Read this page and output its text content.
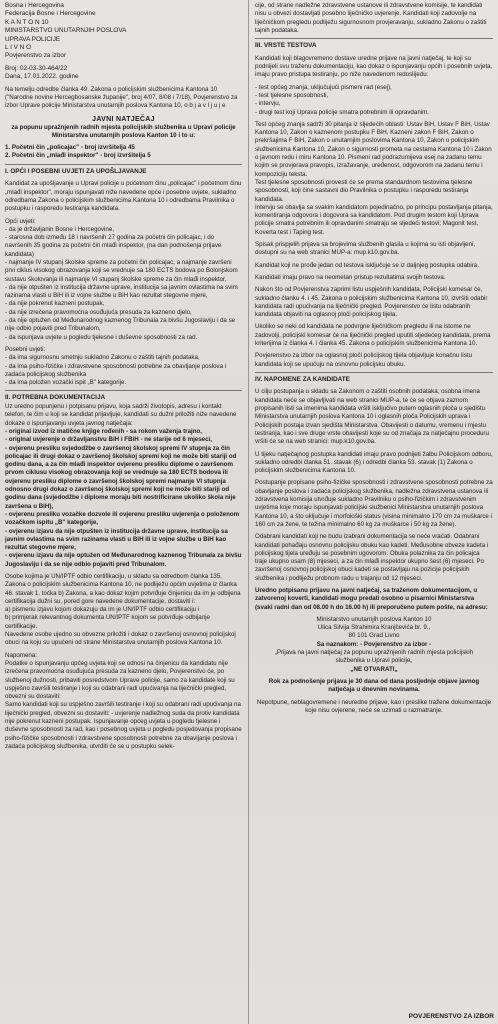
Bosna i Hercegovina
Federacija Bosne i Hercegovine
K A N T O N 10
MINISTARSTVO UNUTARNJIH POSLOVA
UPRAVA POLICIJE
L I V N O
Povjerenstvo za izbor
Broj: 02-03-30-464/22
Dana, 17.01.2022. godine

Na temelju odredbe članka 49. Zakona o policijskim službenicima Kantona 10 ("Narodne novine Hercegbosanske županije", broj 4/07, 8/08 i 7/18), Povjerenstvo za izbor Uprave policije Ministarstva unutarnjih poslova Kantona 10, o b j a v l j u j e

JAVNI NATJEČAJ

za popunu upražnjenih radnih mjesta policijskih službenika u Upravi policije Ministarstva unutarnjih poslova Kanton 10 i to u:

1. Početni čin „policajac" - broj izvršitelja 45

2. Početni čin „mlađi inspektor" - broj izvršitelja 5

I. OPĆI I POSEBNI UVJETI ZA UPOŠLJAVANJE

Kandidat za upošljavanje u Upravi policije u početnom činu „policajac" i početnom činu „mlađi inspektor", moraju ispunjavati niže navedene opće i posebne uvjete, sukladno odredbama Zakona o policijskim službenicima Kantona 10 i odredbama Pravilnika o postupku i rasporedu testiranja kandidata.

Opći uvjeti:

- da je državljanin Bosne i Hercegovine,

- starosna dob između 18 i navršenih 27 godina za početni čin policajac, i do navršenih 35 godina za početni čin mlađi inspektor, (na dan podnošenja prijave kandidata)

- najmanje IV stupanj školske spreme za početni čin policajac, a najmanje završeni prvi ciklus visokog obrazovanja koji se vrednuje sa 180 ECTS bodova po Bolonjskom sustavu školovanja ili najmanje VI stupanj školske spreme za čin mlađi inspektor,

- da nije otpušten iz institucija državne uprave, institucija sa javnim ovlastima na svim razinama vlasti u BiH ili iz vojne službe u BiH kao rezultat stegovne mjere,

- da nije pokrenut kazneni postupak,

- da nije izrečena pravomoćna osuđujuća presuda za kazneno djelo,

- da nije optužen od Međunarodnog kaznenog Tribunala za bivšu Jugoslaviju i da se nije odbio pojaviti pred Tribunalom,

- da ispunjava uvjete u pogledu tjelesne i duševne sposobnosti za rad.

Posebni uvjeti:

- da ima sigurnosnu smetnju sukladno Zakonu o zaštiti tajnih podataka,

- da ima psiho-fizičke i zdravstvene sposobnosti potrebne za obavljanje poslova i zadaća policijskog službenika

- da ima položen vozački ispit „B" kategorije.

II. POTREBNA DOKUMENTACIJA

Uz uredno popunjenu i potpisanu prijavu, koja sadrži životopis, adresu i kontakt telefon, te čim u koji se kandidat prijavljuje, kandidati su dužni priložiti niže navedene dokaze o ispunjavanju uvjeta javnog natječaja:

- original izvod iz matične knjige rođenih - sa rokom važenja trajno,

- original uvjerenje o državljanstvu BiH i FBiH - ne starije od 6 mjeseci,

- ovjerenu presliku svjedodžbe o završenoj školskoj spremi IV stupnja za čin policajac ili drugi dokaz o završenoj školskoj spremi koji ne može biti stariji od godinu dana, a za čin mlađi inspektor ovjerenu presliku diplome o završenom prvom ciklusu visokog obrazovanja koji se vrednuje sa 180 ECTS bodova ili ovjerenu presliku diplome o završenoj školskoj spremi najmanje VI stupnja odnosno drugi dokaz o završenoj školskoj spremi koji ne može biti stariji od godinu dana (svjedodžbe i diplome moraju biti nostrificirane ukoliko škola nije završena u BiH),

- ovjerenu presliku vozačke dozvole ili ovjerenu presliku uvjerenja o položenom vozačkom ispitu „B" kategorije,

- ovjerenu izjavu da nije otpušten iz institucija državne uprave, institucija sa javnim ovlastima na svim razinama vlasti u BiH ili iz vojne službe u BiH kao rezultat stegovne mjere,

- ovjerenu izjavu da nije optužen od Međunarodnog kaznenog Tribunala za bivšu Jugoslaviju i da se nije odbio pojaviti pred Tribunalom.

Osobe kojima je UN/IPTF odbio certifikaciju, u skladu sa odredbom članka 135. Zakona o policijskim službenicima Kantona 10, ne podliježu općim uvjetima iz članka 46. stavak 1. točka b) Zakona, a kao dokaz kojim potvrđuje činjenicu da im je odbijena certifikacija dužni su, pored gore navedene dokumentacije, dostaviti i:

a) pismenu izjavu kojom dokazuju da im je UN/IPTF odbio certifikaciju i

b) primjerak relevantnog dokumenta UN/IPTF kojom se potvrđuje odbijanje certifikacije.

Navedene osobe ujedno su obvezne priložiti i dokaz o završenoj osnovnoj policijskoj obuci na koju su upućeni od strane Ministarstva unutarnjih poslova Kantona 10.

Napomena:

Podatke o ispunjavanju općeg uvjeta koji se odnosi na činjenicu da kandidatu nije izrečena pravomoćna osuđujuća presuda za kazneno djelo, Povjerenstvo će, po službenoj dužnosti, pribaviti posredstvom Uprave policije, samo za kandidate koji su uspješno završili testiranje i koji su odabrani radi upućivanja na liječnički pregled, obvezni su dostaviti:

Samo kandidati koji su uspješno završili testiranje i koji su odabrani radi upućivanja na liječnički pregled, obvezni su dostaviti: - uvjerenje nadležnog suda da protiv kandidata nije pokrenut kazneni postupak. Ispunjavanje općeg uvjeta u pogledu tjelesne i duševne sposobnosti za rad, kao i posebnog uvjeta u pogledu posjedovanja propisane psiho-fizičke sposobnosti i zdravstvene sposobnosti potrebne za obavljanje poslova i zadaća policijskog službenika, utvrditi će se u postupku selek-

cije, od strane nadležne zdravstvene ustanove ili zdravstvene komisije, te kandidati nisu u obvezi dostavljati posebno liječničko uvjerenje. Kandidati koji zadovolje na liječničkom pregledu podliježu sigurnosnom provjeravanju, sukladno Zakonu o zaštiti tajnih podataka.

III. VRSTE TESTOVA

Kandidati koji blagovremeno dostave uredne prijave na javni natječaj, te koji su podnijeli svu traženu dokumentaciju, kao dokaz o ispunjavanju općih i posebnih uvjeta, imaju pravo pristupa testiranju, po niže navedenom redoslijedu:

- test općeg znanja, uključujući pismeni rad (esej),

- test tjelesne sposobnosti,

- intervju,

- drugi test koji Uprava policije smatra potrebnim ili opravdanim.

Test općeg znanja sadrži 30 pitanja iz sljedećih oblasti: Ustav BiH, Ustav F BiH, Ustav Kantona 10, Zakon o kaznenom postupku F BiH, Kazneni zakon F BiH, Zakon o prekršajima F BiH, Zakon o unutarnjim poslovima Kantona 10, Zakon o policijskim službenicima Kantona 10, Zakon o sigurnosti prometa na cestama Kantona 10 i Zakon o javnom redu i miru Kantona 10. Pismeni rad podrazumijeva esej na zadanu temu kojim se provjerava pravopis, izražavanje, uređenost, odgovorom na zadanu temu i kompoziciju teksta.

Test tjelesne sposobnosti provesti će se prema standardnom testovima tjelesne sposobnosti, koji čine sastavni dio Pravilnika o postupku i rasporedu testiranja kandidata.

Intervju se obavlja sa svakim kandidatom pojedinačno, po principu postavljanja pitanja, komentiranja odgovora i dogovora sa kandidatom. Pod drugim testom koji Uprava policije smatra potrebnim ili opravdanim smatraju se sljedeći testovi: Magonit test, Koverta test i Taping test.

Spisak prispjelih prijava sa brojevima službenih glasila u kojima su isti objavljeni, dostupni su na web stranici MUP-a: mup.k10.gov.ba.

Kandidat koji ne prođe jedan od testova isključuje se iz daljnjeg postupka odabira.

Kandidati imaju pravo na neometan pristup rezultatima svojih testova.

Nakon što od Povjerenstva zaprimi listu uspješnih kandidata, Policijski komesar će, sukladno članku 4. i 45. Zakona o policijskim službenicima Kantona 10, izvršiti odabir kandidata radi upućivanja na liječnički pregled. Povjerenstvo će listu odabranih kandidata objaviti na oglasnoj ploči policijskog tijela.

Ukoliko se neki od kandidata ne podvrgne liječničkom pregledu ili na istome ne zadovolji, policijski komesar će na liječnički pregled uputiti sljedećeg kandidata, prema kriterijima iz članka 4. i članka 45. Zakona o policijskim službenicima Kantona 10.

Povjerenstvo za izbor na oglasnoj ploči policijskog tijela objavljuje konačnu listu kandidata koji se upućuju na osnovnu policijsku obuku.

IV. NAPOMENE ZA KANDIDATE

U cilju postupanja u skladu sa Zakonom o zaštiti osobnih podataka, osobna imena kandidata neće se objavljivati na web stranici MUP-a, te će se objava zaznom propisanih listi sa imenima kandidata vršiti isključivo putem oglasnih ploča u sjedištu Ministarstva unutarnjih poslova Kantona 10 i oglasnih ploča Policijskih uprava i Policijskih postaja izvan sjedišta Ministarstva. Obavijesti o datumu, vremenu i mjestu testiranja, kao i sve druge vrste obavijesti koje su od značaja za natječajnu proceduru vršiti će se na web stranici: mup.k10.gov.ba.

U tijeku natječajnog postupka kandidati imaju pravo podnijeti žalbu Policijskom odboru, sukladno odredbi članka 51. stavak (6) i odredbi članka 53. stavak (1) Zakona o policijskim službenicima Kantona 10.

Postupanje propisane psiho-fizičke sposobnosti i zdravstvene sposobnosti potrebne za obavljanje poslova i zadaća policijskog službenika, nadležna zdravstvena ustanova ili zdravstvena komisija utvrđuje sukladno Pravilniku o psiho-fizičkim i zdravstvenim uvjetima koje moraju ispunjavati policijski službenici Ministarstva unutarnjih poslova Kantona 10, a što uključuje i morfološki status (visina minimalno 170 cm za muškarce i 160 cm za žene, te težina minimalno 60 kg za muškarce i 50 kg za žene).

Odabrani kandidati koji ne budu izabrani dokumentacija se neće vraćati. Odabrani kandidati pohađaju osnovnu policijsku obuku kao kadeti. Međusobne obveze kadeta i policijskog tijela uređuju se posebnim ugovorom. Obuka polaznika za čin policajca traje ukupno osam (8) mjeseci, a za čin mlađi inspektor ukupno šest (6) mjeseci. Po završenoj osnovnoj policijskoj obuci kadeti se postavljaju na pozicije policijskih službenika i podliježu probnom radu u trajanju od 12 mjeseci.

Uredno potpisanu prijavu na javni natječaj, sa traženom dokumentacijom, u zatvorenoj koverti, kandidati mogu predati osobno u pisarnici Ministarstva (svaki radni dan od 08.00 h do 16.00 h) ili preporučeno putem pošte, na adresu:

Ministarstvo unutarnjih poslova Kanton 10

Ulica Silvija Strahimira Kranjčevića br. 9.,

80 101 Grad Livno

Sa naznakom: - Povjerenstvo za izbor -

„Prijava na javni natječaj za popunu upražnjenih radnih mjesta policijskih

službenika u Upravi policije„

„NE OTVARATI„

Rok za podnošenje prijava je 30 dana od dana posljednje objave javnog natječaja u dnevnim novinama.

Nepotpune, neblagovremene i neuredne prijave, kao i preslike tražene dokumentacije koje nisu ovjerene, neće se uzimati u razmatranje.

POVJERENSTVO ZA IZBOR
